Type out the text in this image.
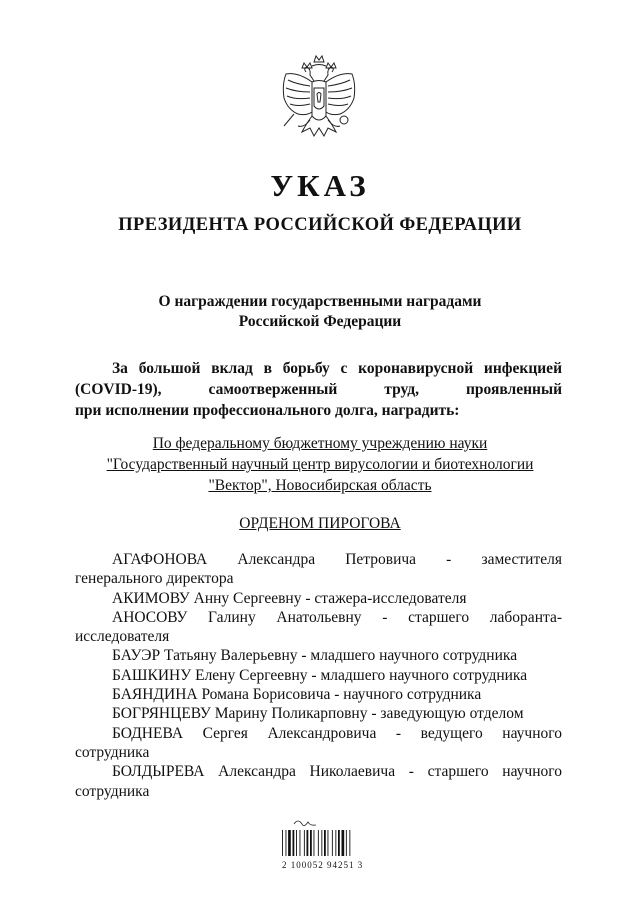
УКАЗ
ПРЕЗИДЕНТА РОССИЙСКОЙ ФЕДЕРАЦИИ
О награждении государственными наградами
Российской Федерации
За большой вклад в борьбу с коронавирусной инфекцией
(COVID-19), самоотверженный труд, проявленный
при исполнении профессионального долга, наградить:
По федеральному бюджетному учреждению науки
"Государственный научный центр вирусологии и биотехнологии
"Вектор", Новосибирская область
ОРДЕНОМ ПИРОГОВА

АГАФОНОВА Александра Петровича - заместителя
генерального директора

АКИМОВУ Анну Сергеевну - стажера-исследователя

АНОСОВУ Галину Анатольевну - старшего лаборанта-
исследователя

БАУЭР Татьяну Валерьевну - младшего научного сотрудника

БАШКИНУ Елену Сергеевну - младшего научного сотрудника

БАЯНДИНА Романа Борисовича - научного сотрудника

БОГРЯНЦЕВУ Марину Поликарповну - заведующую отделом

БОДНЕВА Сергея Александровича - ведущего научного
сотрудника

БОЛДЫРЕВА Александра Николаевича - старшего научного
сотрудника

2 100052 94251 3
